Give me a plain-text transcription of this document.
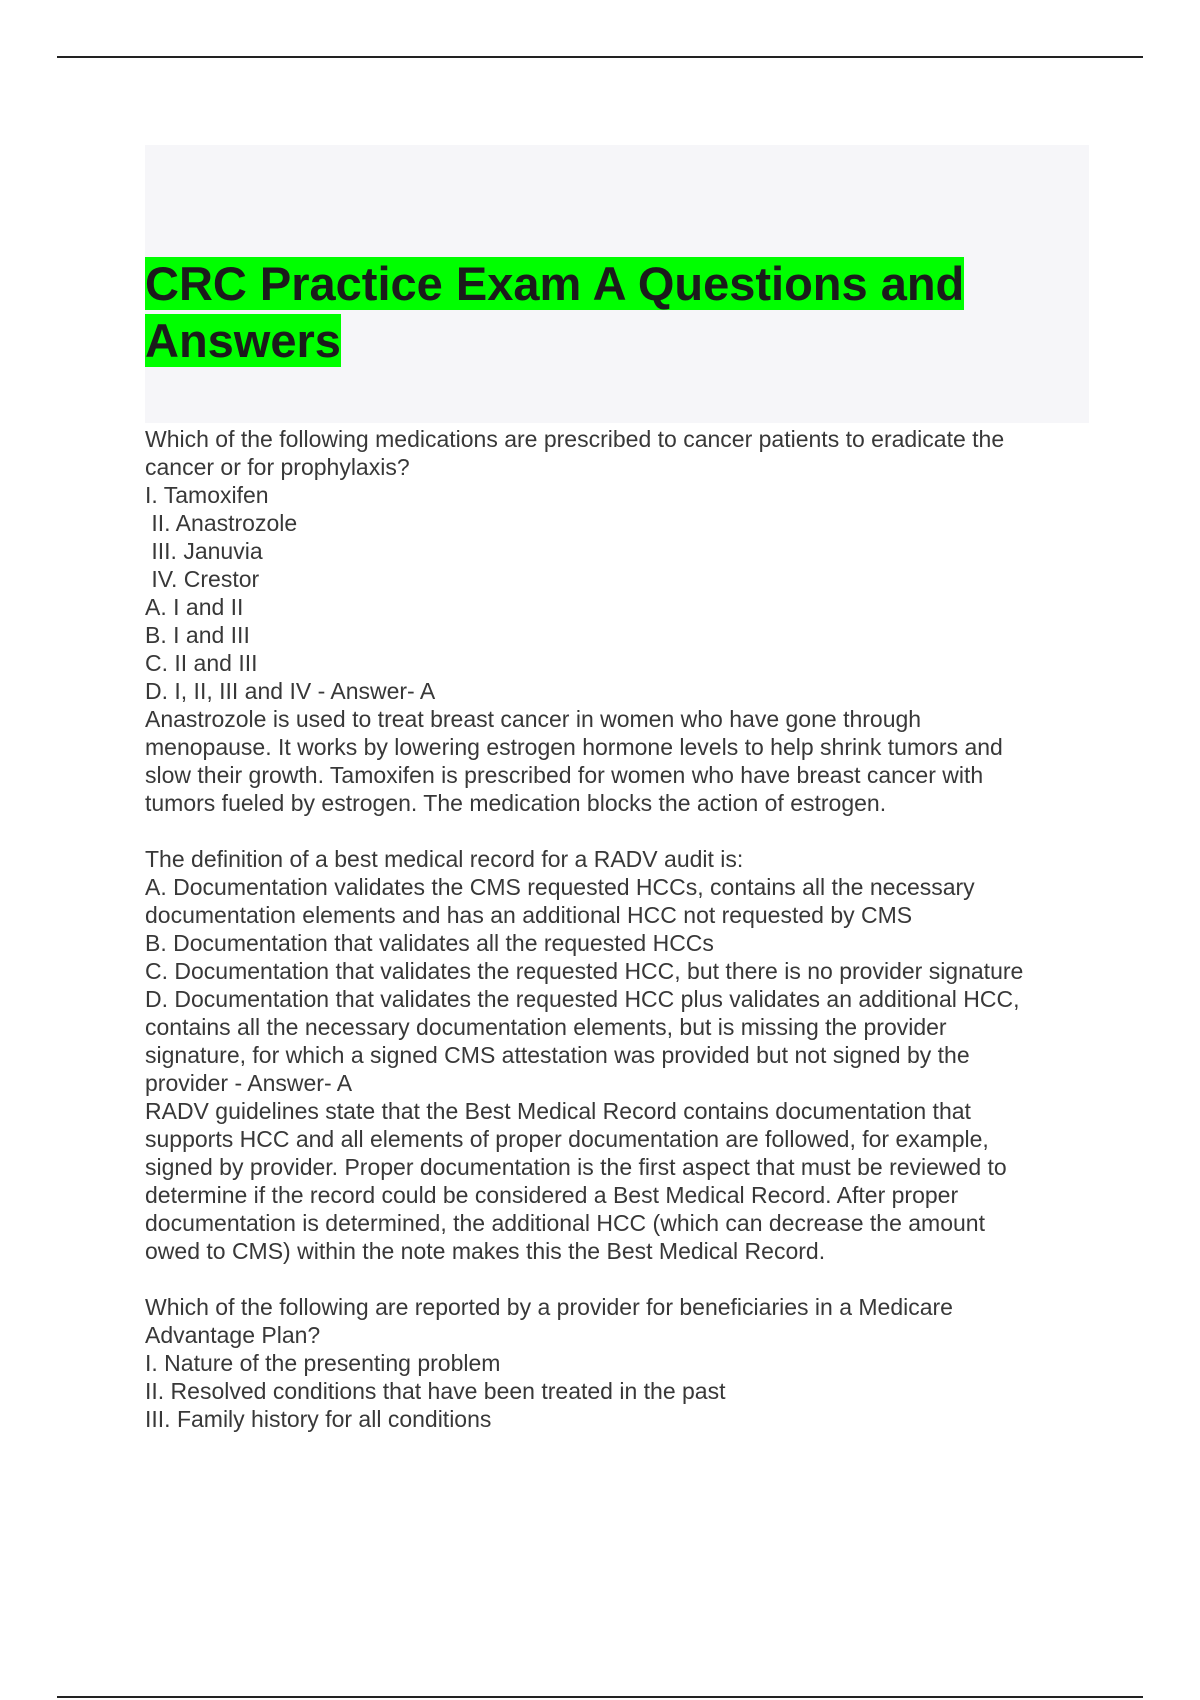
CRC Practice Exam A Questions and
Answers

Which of the following medications are prescribed to cancer patients to eradicate the

cancer or for prophylaxis?

I. Tamoxifen

II. Anastrozole

III. Januvia

IV. Crestor

A. I and II

B. I and III

C. II and III

D. I, II, III and IV - Answer- A

Anastrozole is used to treat breast cancer in women who have gone through

menopause. It works by lowering estrogen hormone levels to help shrink tumors and

slow their growth. Tamoxifen is prescribed for women who have breast cancer with

tumors fueled by estrogen. The medication blocks the action of estrogen.

The definition of a best medical record for a RADV audit is:

A. Documentation validates the CMS requested HCCs, contains all the necessary

documentation elements and has an additional HCC not requested by CMS

B. Documentation that validates all the requested HCCs

C. Documentation that validates the requested HCC, but there is no provider signature

D. Documentation that validates the requested HCC plus validates an additional HCC,

contains all the necessary documentation elements, but is missing the provider

signature, for which a signed CMS attestation was provided but not signed by the

provider - Answer- A

RADV guidelines state that the Best Medical Record contains documentation that

supports HCC and all elements of proper documentation are followed, for example,

signed by provider. Proper documentation is the first aspect that must be reviewed to

determine if the record could be considered a Best Medical Record. After proper

documentation is determined, the additional HCC (which can decrease the amount

owed to CMS) within the note makes this the Best Medical Record.

Which of the following are reported by a provider for beneficiaries in a Medicare

Advantage Plan?

I. Nature of the presenting problem

II. Resolved conditions that have been treated in the past

III. Family history for all conditions
